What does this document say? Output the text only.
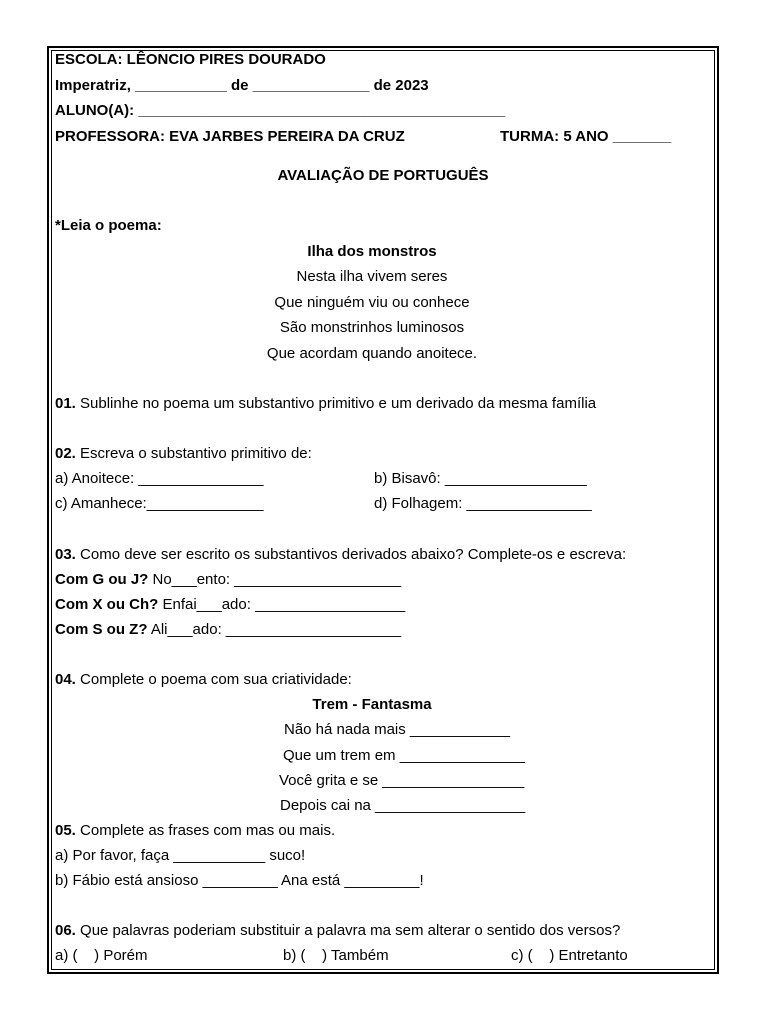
ESCOLA: LÊONCIO PIRES DOURADO
Imperatriz, ___________ de ______________ de 2023
ALUNO(A): ____________________________________________
PROFESSORA: EVA JARBES PEREIRA DA CRUZ	TURMA: 5 ANO _______
AVALIAÇÃO DE PORTUGUÊS
*Leia o poema:
Ilha dos monstros
Nesta ilha vivem seres
Que ninguém viu ou conhece
São monstrinhos luminosos
Que acordam quando anoitece.
01. Sublinhe no poema um substantivo primitivo e um derivado da mesma família
02. Escreva o substantivo primitivo de:
a) Anoitece: _______________	b) Bisavô: _________________
c) Amanhece:______________	d) Folhagem: _______________
03. Como deve ser escrito os substantivos derivados abaixo? Complete-os e escreva:
Com G ou J? No___ento: ____________________
Com X ou Ch? Enfai___ado: __________________
Com S ou Z? Ali___ado: _____________________
04. Complete o poema com sua criatividade:
Trem - Fantasma
Não há nada mais ____________
Que um trem em _______________
Você grita e se _________________
Depois cai na __________________
05. Complete as frases com mas ou mais.
a) Por favor, faça ___________ suco!
b) Fábio está ansioso _________ Ana está _________!
06. Que palavras poderiam substituir a palavra ma sem alterar o sentido dos versos?
a) (    ) Porém	b) (    ) Também	c) (    ) Entretanto
